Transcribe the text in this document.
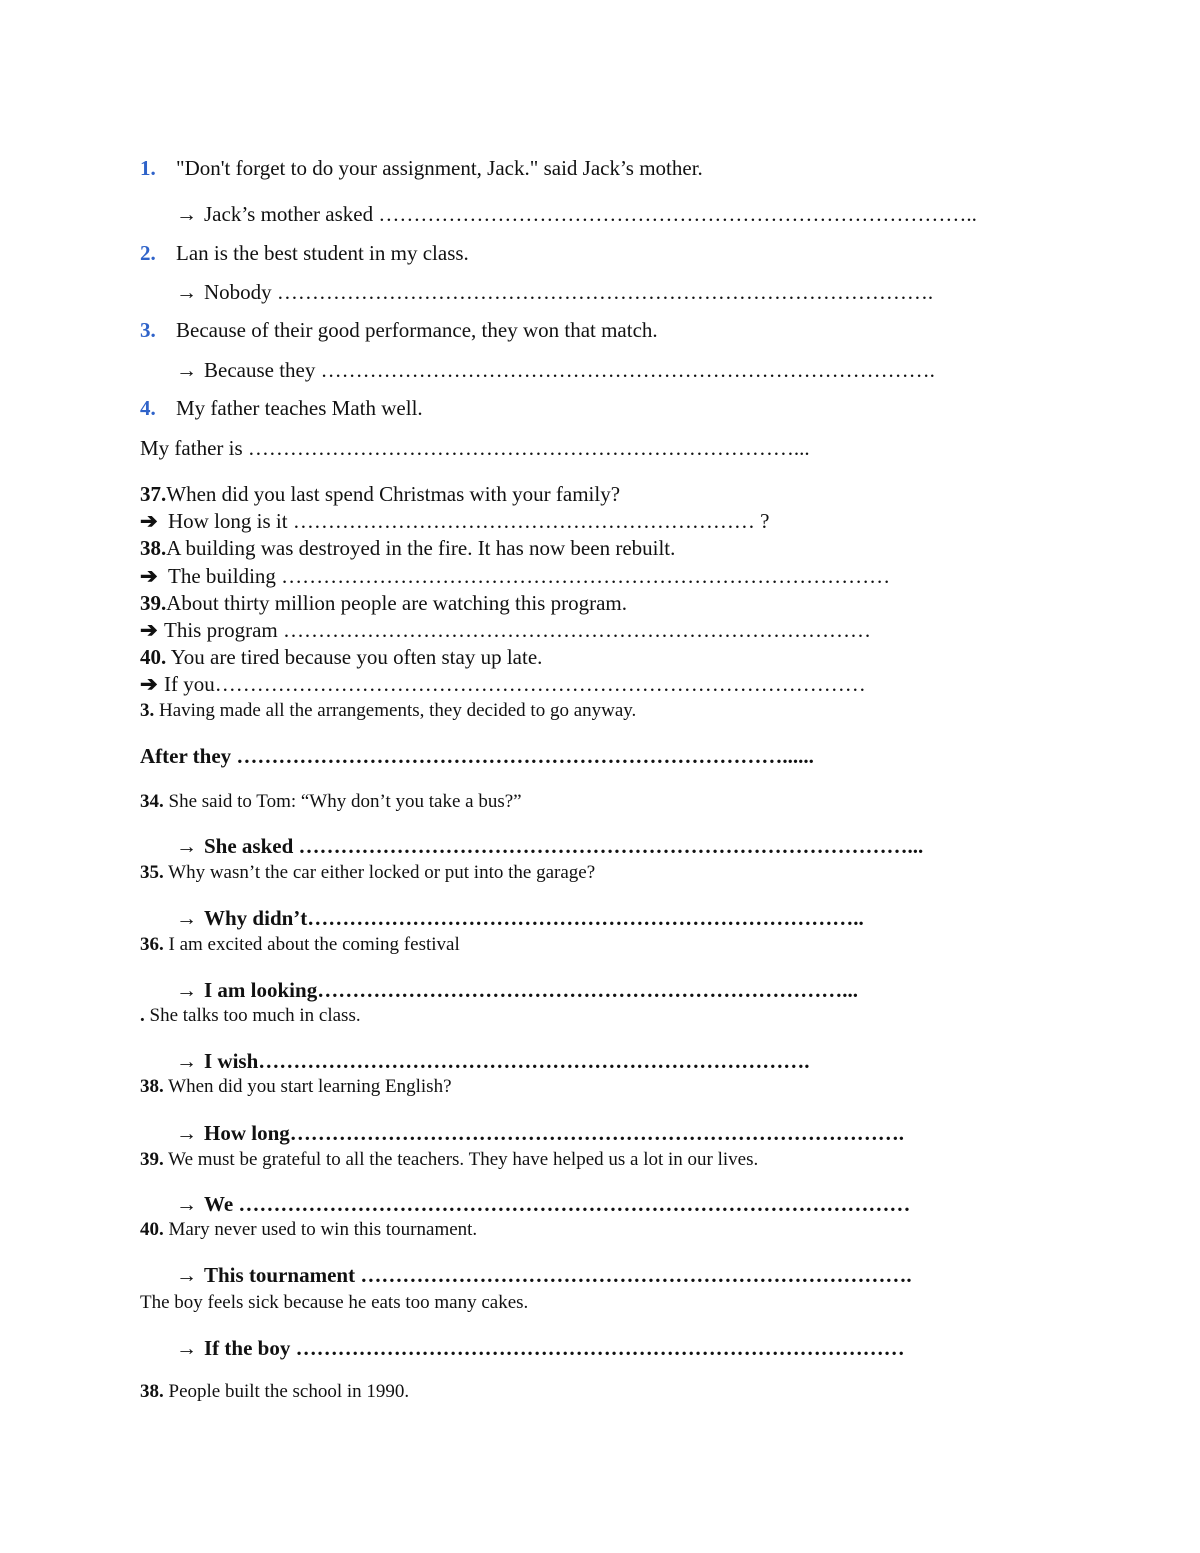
1. "Don't forget to do your assignment, Jack." said Jack’s mother.
→ Jack’s mother asked …………………………………………………………………………..
2. Lan is the best student in my class.
→ Nobody ………………………………………………………………………………….
3. Because of their good performance, they won that match.
→ Because they …………………………………………………………………………….
4. My father teaches Math well.
My father is ……………………………………………………………………...
37.When did you last spend Christmas with your family?
➔ How long is it ………………………………………………………… ?
38.A building was destroyed in the fire. It has now been rebuilt.
➔ The building ……………………………………………………………………………
39.About thirty million people are watching this program.
➔ This program …………………………………………………………………………
40. You are tired because you often stay up late.
➔ If you…………………………………………………………………………………
3. Having made all the arrangements, they decided to go anyway.
After they ……………………………………………………………………......
34. She said to Tom: “Why don’t you take a bus?”
→ She asked ……………………………………………………………………………...
35. Why wasn’t the car either locked or put into the garage?
→ Why didn’t……………………………………………………………………..
36. I am excited about the coming festival
→ I am looking…………………………………………………………………...
. She talks too much in class.
→ I wish…………………………………………………………………….
38. When did you start learning English?
→ How long…………………………………………………………………………….
39. We must be grateful to all the teachers. They have helped us a lot in our lives.
→ We ……………………………………………………………………………………
40. Mary never used to win this tournament.
→ This tournament …………………………………………………………………….
The boy feels sick because he eats too many cakes.
→ If the boy ……………………………………………………………………………
38. People built the school in 1990.
